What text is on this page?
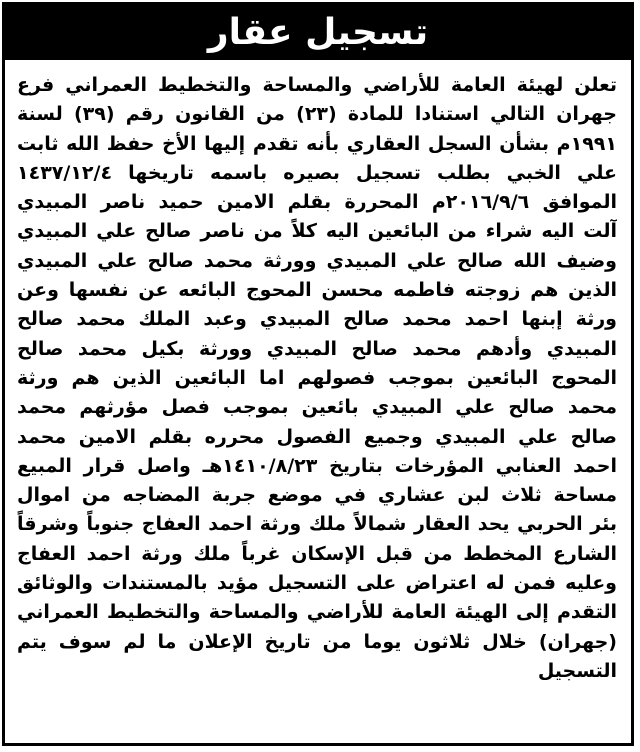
تسجيل عقار
تعلن لهيئة العامة للأراضي والمساحة والتخطيط العمراني فرع
جهران التالي استنادا للمادة (٢٣) من القانون رقم (٣٩) لسنة
١٩٩١م بشأن السجل العقاري بأنه تقدم إليها الأخ حفظ الله ثابت
علي الخبي بطلب تسجيل بصيره باسمه تاريخها ١٤٣٧/١٢/٤
الموافق ٢٠١٦/٩/٦م المحررة بقلم الامين حميد ناصر المبيدي
آلت اليه شراء من البائعين اليه كلاً من ناصر صالح علي المبيدي
وضيف الله صالح علي المبيدي وورثة محمد صالح علي المبيدي
الذين هم زوجته فاطمه محسن المحوج البائعه عن نفسها وعن
ورثة إبنها احمد محمد صالح المبيدي وعبد الملك محمد صالح
المبيدي وأدهم محمد صالح المبيدي وورثة بكيل محمد صالح
المحوج البائعين بموجب فصولهم اما البائعين الذين هم ورثة
محمد صالح علي المبيدي بائعين بموجب فصل مؤرثهم محمد
صالح علي المبيدي وجميع الفصول محرره بقلم الامين محمد
احمد العنابي المؤرخات بتاريخ ١٤١٠/٨/٢٣هـ واصل قرار المبيع
مساحة ثلاث لبن عشاري في موضع جربة المضاجه من اموال
بئر الحربي يحد العقار شمالاً ملك ورثة احمد العفاج جنوباً وشرقاً
الشارع المخطط من قبل الإسكان غرباً ملك ورثة احمد العفاج
وعليه فمن له اعتراض على التسجيل مؤيد بالمستندات والوثائق
التقدم إلى الهيئة العامة للأراضي والمساحة والتخطيط العمراني
(جهران) خلال ثلاثون يوما من تاريخ الإعلان ما لم سوف يتم
التسجيل
